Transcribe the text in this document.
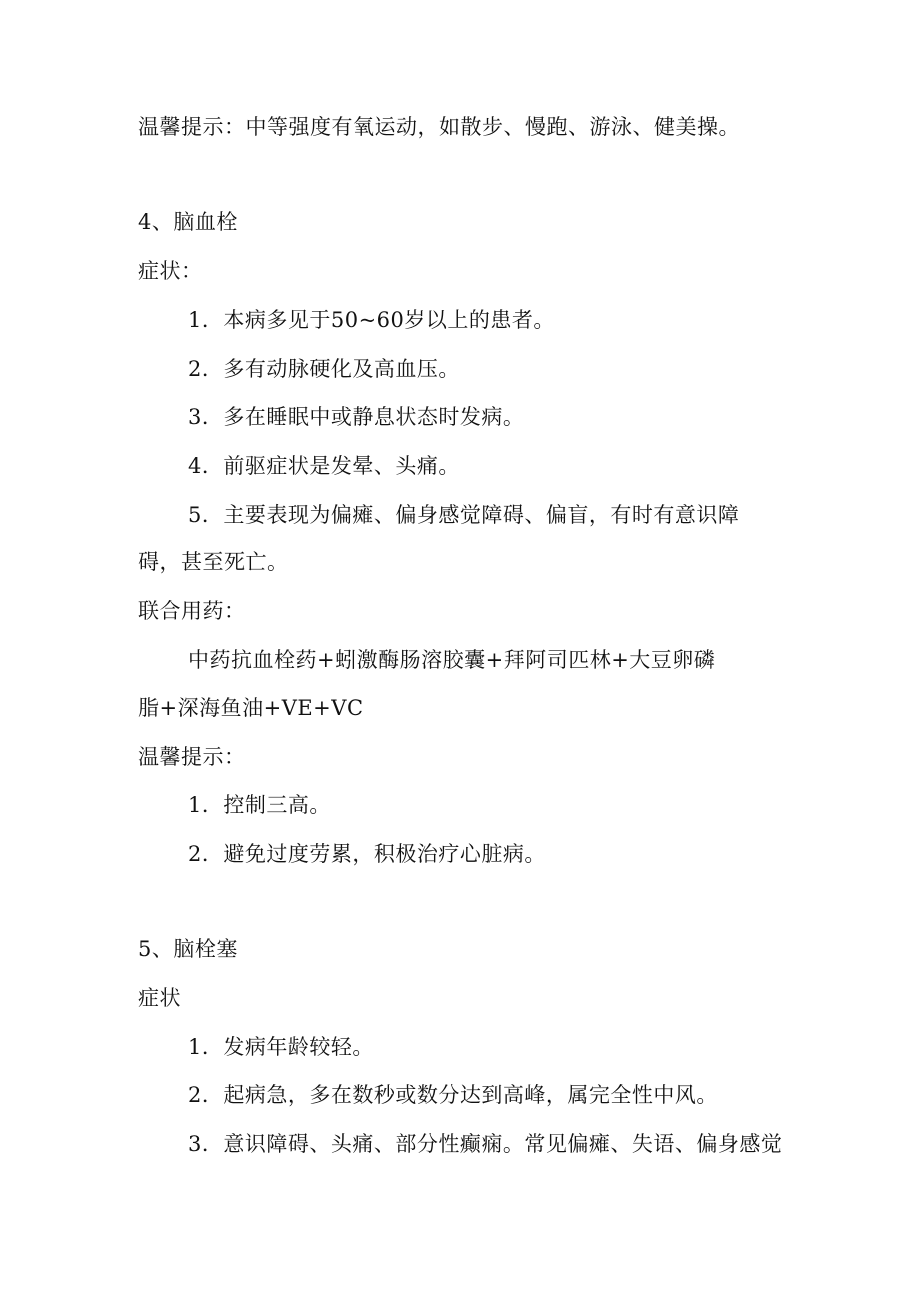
温馨提示：中等强度有氧运动，如散步、慢跑、游泳、健美操。
4、脑血栓
症状：
1．本病多见于50~60岁以上的患者。
2．多有动脉硬化及高血压。
3．多在睡眠中或静息状态时发病。
4．前驱症状是发晕、头痛。
5．主要表现为偏瘫、偏身感觉障碍、偏盲，有时有意识障
碍，甚至死亡。
联合用药：
中药抗血栓药+蚓激酶肠溶胶囊+拜阿司匹林+大豆卵磷
脂+深海鱼油+VE+VC
温馨提示：
1．控制三高。
2．避免过度劳累，积极治疗心脏病。
5、脑栓塞
症状
1．发病年龄较轻。
2．起病急，多在数秒或数分达到高峰，属完全性中风。
3．意识障碍、头痛、部分性癫痫。常见偏瘫、失语、偏身感觉
